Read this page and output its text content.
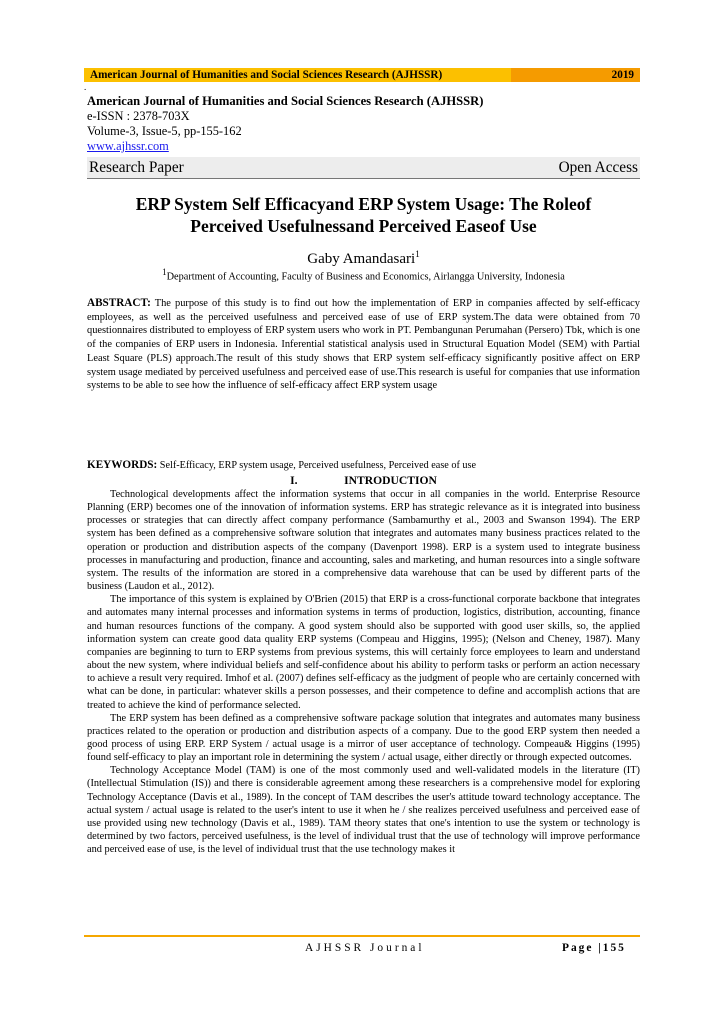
American Journal of Humanities and Social Sciences Research (AJHSSR)	2019
.
American Journal of Humanities and Social Sciences Research (AJHSSR)
e-ISSN : 2378-703X
Volume-3, Issue-5, pp-155-162
www.ajhssr.com
Research Paper	Open Access
ERP System Self Efficacyand ERP System Usage: The Roleof
Perceived Usefulnessand Perceived Easeof Use
Gaby Amandasari$^1$
$^1$Department of Accounting, Faculty of Business and Economics, Airlangga University, Indonesia
ABSTRACT: The purpose of this study is to find out how the implementation of ERP in companies affected by self-efficacy employees, as well as the perceived usefulness and perceived ease of use of ERP system.The data were obtained from 70 questionnaires distributed to employess of ERP system users who work in PT. Pembangunan Perumahan (Persero) Tbk, which is one of the companies of ERP users in Indonesia. Inferential statistical analysis used in Structural Equation Model (SEM) with Partial Least Square (PLS) approach.The result of this study shows that ERP system self-efficacy significantly positive affect on ERP system usage mediated by perceived usefulness and perceived ease of use.This research is useful for companies that use information systems to be able to see how the influence of self-efficacy affect ERP system usage
KEYWORDS: Self-Efficacy, ERP system usage, Perceived usefulness, Perceived ease of use
I.	INTRODUCTION

Technological developments affect the information systems that occur in all companies in the world. Enterprise Resource Planning (ERP) becomes one of the innovation of information systems. ERP has strategic relevance as it is integrated into business processes or strategies that can directly affect company performance (Sambamurthy et al., 2003 and Swanson 1994). The ERP system has been defined as a comprehensive software solution that integrates and automates many business practices related to the operation or production and distribution aspects of the company (Davenport 1998). ERP is a system used to integrate business processes in manufacturing and production, finance and accounting, sales and marketing, and human resources into a single software system. The results of the information are stored in a comprehensive data warehouse that can be used by different parts of the business (Laudon et al., 2012).

The importance of this system is explained by O'Brien (2015) that ERP is a cross-functional corporate backbone that integrates and automates many internal processes and information systems in terms of production, logistics, distribution, accounting, finance and human resources functions of the company. A good system should also be supported with good user skills, so, the applied information system can create good data quality ERP systems (Compeau and Higgins, 1995); (Nelson and Cheney, 1987). Many companies are beginning to turn to ERP systems from previous systems, this will certainly force employees to learn and understand about the new system, where individual beliefs and self-confidence about his ability to perform tasks or perform an action necessary to achieve a result very required. Imhof et al. (2007) defines self-efficacy as the judgment of people who are certainly concerned with what can be done, in particular: whatever skills a person possesses, and their competence to define and accomplish actions that are treated to achieve the kind of performance selected.

The ERP system has been defined as a comprehensive software package solution that integrates and automates many business practices related to the operation or production and distribution aspects of a company. Due to the good ERP system then needed a good process of using ERP. ERP System / actual usage is a mirror of user acceptance of technology. Compeau& Higgins (1995) found self-efficacy to play an important role in determining the system / actual usage, either directly or through expected outcomes.

Technology Acceptance Model (TAM) is one of the most commonly used and well-validated models in the literature (IT) (Intellectual Stimulation (IS)) and there is considerable agreement among these researchers is a comprehensive model for exploring Technology Acceptance (Davis et al., 1989). In the concept of TAM describes the user's attitude toward technology acceptance. The actual system / actual usage is related to the user's intent to use it when he / she realizes perceived usefulness and perceived ease of use provided using new technology (Davis et al., 1989). TAM theory states that one's intention to use the system or technology is determined by two factors, perceived usefulness, is the level of individual trust that the use of technology will improve performance and perceived ease of use, is the level of individual trust that the use technology makes it

AJHSSR Journal	Page |155
